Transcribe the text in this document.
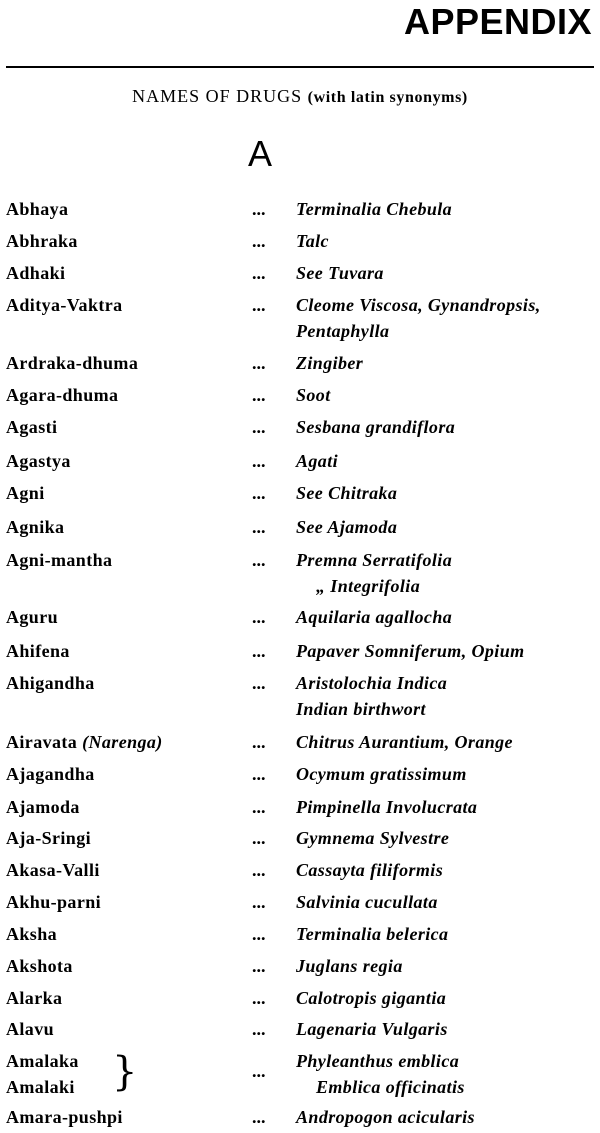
APPENDIX
NAMES OF DRUGS (with latin synonyms)
A
Abhaya	... Terminalia Chebula
Abhraka	... Talc
Adhaki	... See Tuvara
Aditya-Vaktra	... Cleome Viscosa, Gynandropsis,
Pentaphylla
Ardraka-dhuma	... Zingiber
Agara-dhuma	... Soot
Agasti	... Sesbana grandiflora
Agastya	... Agati
Agni	... See Chitraka
Agnika	... See Ajamoda
Agni-mantha	... Premna Serratifolia
„ Integrifolia
Aguru	... Aquilaria agallocha
Ahifena	... Papaver Somniferum, Opium
Ahigandha	... Aristolochia Indica
Indian birthwort
Airavata (Narenga)	... Chitrus Aurantium, Orange
Ajagandha	... Ocymum gratissimum
Ajamoda	... Pimpinella Involucrata
Aja-Sringi	... Gymnema Sylvestre
Akasa-Valli	... Cassayta filiformis
Akhu-parni	... Salvinia cucullata
Aksha	... Terminalia belerica
Akshota	... Juglans regia
Alarka	... Calotropis gigantia
Alavu	... Lagenaria Vulgaris
Amalaka
Amalaki }	... Phyleanthus emblica
Emblica officinatis
Amara-pushpi	... Andropogon acicularis
